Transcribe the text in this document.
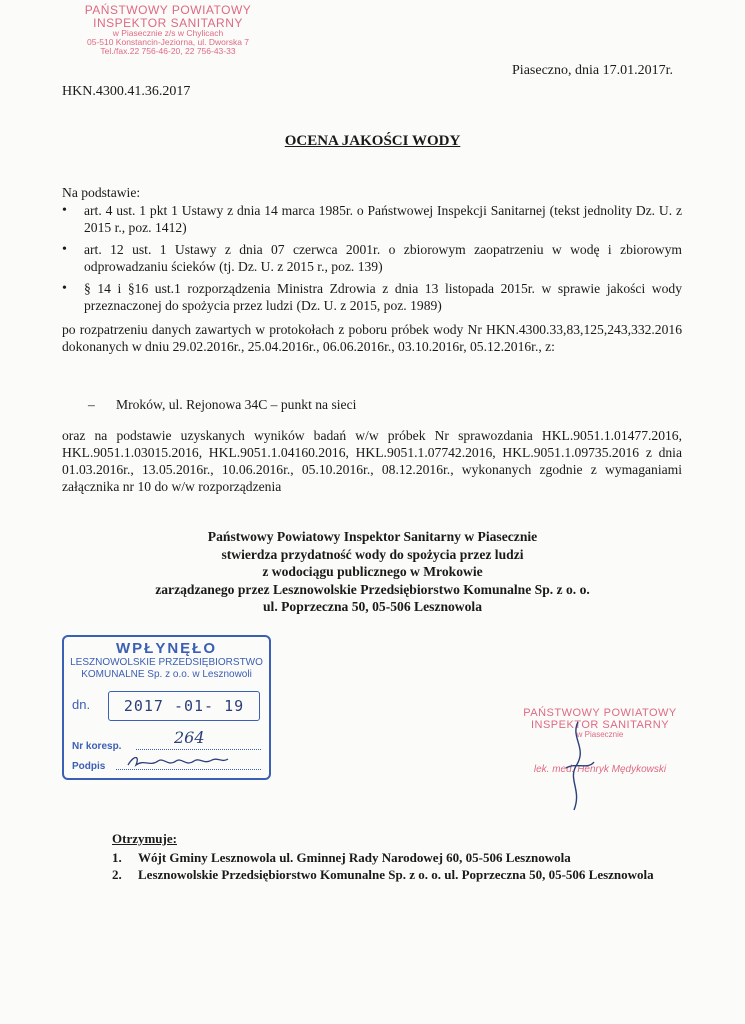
PAŃSTWOWY POWIATOWY
INSPEKTOR SANITARNY
w Piasecznie z/s w Chylicach
05-510 Konstancin-Jeziorna, ul. Dworska 7
Tel./fax.22 756-46-20, 22 756-43-33
Piaseczno, dnia 17.01.2017r.
HKN.4300.41.36.2017
OCENA JAKOŚCI WODY
Na podstawie:
• art. 4 ust. 1 pkt 1 Ustawy z dnia 14 marca 1985r. o Państwowej Inspekcji Sanitarnej (tekst jednolity Dz. U. z 2015 r., poz. 1412)
• art. 12 ust. 1 Ustawy z dnia 07 czerwca 2001r. o zbiorowym zaopatrzeniu w wodę i zbiorowym odprowadzaniu ścieków (tj. Dz. U. z 2015 r., poz. 139)
• § 14 i §16 ust.1 rozporządzenia Ministra Zdrowia z dnia 13 listopada 2015r. w sprawie jakości wody przeznaczonej do spożycia przez ludzi (Dz. U. z 2015, poz. 1989)
po rozpatrzeniu danych zawartych w protokołach z poboru próbek wody Nr HKN.4300.33,83,125,243,332.2016 dokonanych w dniu 29.02.2016r., 25.04.2016r., 06.06.2016r., 03.10.2016r, 05.12.2016r., z:
– Mroków, ul. Rejonowa 34C – punkt na sieci
oraz na podstawie uzyskanych wyników badań w/w próbek Nr sprawozdania HKL.9051.1.01477.2016, HKL.9051.1.03015.2016, HKL.9051.1.04160.2016, HKL.9051.1.07742.2016, HKL.9051.1.09735.2016 z dnia 01.03.2016r., 13.05.2016r., 10.06.2016r., 05.10.2016r., 08.12.2016r., wykonanych zgodnie z wymaganiami załącznika nr 10 do w/w rozporządzenia
Państwowy Powiatowy Inspektor Sanitarny w Piasecznie
stwierdza przydatność wody do spożycia przez ludzi
z wodociągu publicznego w Mrokowie
zarządzanego przez Lesznowolskie Przedsiębiorstwo Komunalne Sp. z o. o.
ul. Poprzeczna 50, 05-506 Lesznowola
WPŁYNĘŁO
LESZNOWOLSKIE PRZEDSIĘBIORSTWO
KOMUNALNE Sp. z o.o. w Lesznowoli
dn.	2017 -01- 19
Nr koresp.	264
Podpis
PAŃSTWOWY POWIATOWY
INSPEKTOR SANITARNY
w Piasecznie
lek. med. Henryk Mędykowski
Otrzymuje:
1. Wójt Gminy Lesznowola ul. Gminnej Rady Narodowej 60, 05-506 Lesznowola
2. Lesznowolskie Przedsiębiorstwo Komunalne Sp. z o. o. ul. Poprzeczna 50, 05-506 Lesznowola
